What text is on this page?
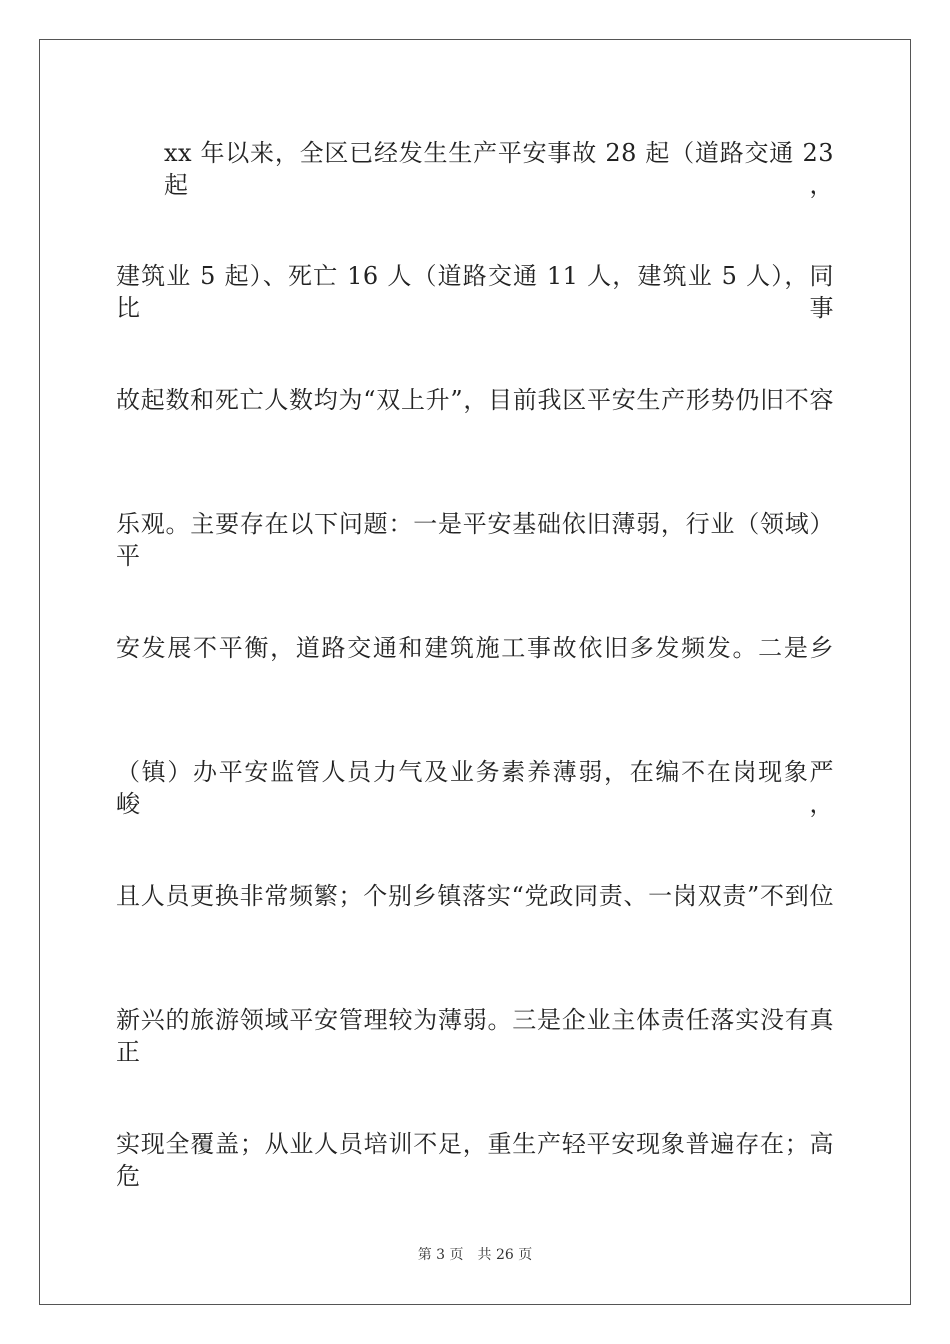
xx 年以来，全区已经发生生产平安事故 28 起（道路交通 23 起，
建筑业 5 起）、死亡 16 人（道路交通 11 人，建筑业 5 人），同比事
故起数和死亡人数均为“双上升”，目前我区平安生产形势仍旧不容
乐观。主要存在以下问题：一是平安基础依旧薄弱，行业（领域）平
安发展不平衡，道路交通和建筑施工事故依旧多发频发。二是乡
（镇）办平安监管人员力气及业务素养薄弱，在编不在岗现象严峻，
且人员更换非常频繁；个别乡镇落实“党政同责、一岗双责”不到位
新兴的旅游领域平安管理较为薄弱。三是企业主体责任落实没有真正
实现全覆盖；从业人员培训不足，重生产轻平安现象普遍存在；高危
第 3 页 共 26 页
